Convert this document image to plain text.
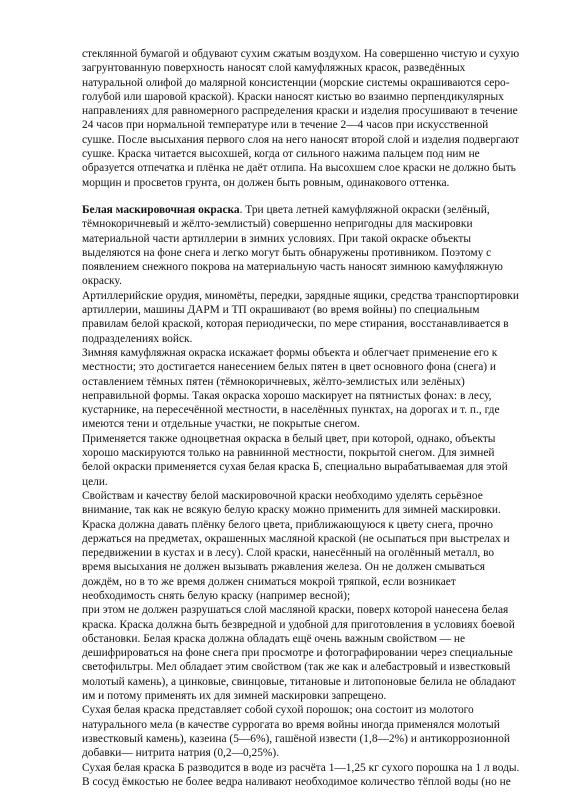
стеклянной бумагой и обдувают сухим сжатым воздухом. На совершенно чистую и сухую загрунтованную поверхность наносят слой камуфляжных красок, разведённых натуральной олифой до малярной консистенции (морские системы окрашиваются серо-голубой или шаровой краской). Краски наносят кистью во взаимно перпендикулярных направлениях для равномерного распределения краски и изделия просушивают в течение 24 часов при нормальной температуре или в течение 2—4 часов при искусственной сушке. После высыхания первого слоя на него наносят второй слой и изделия подвергают сушке. Краска читается высохшей, когда от сильного нажима пальцем под ним не образуется отпечатка и плёнка не даёт отлипа. На высохшем слое краски не должно быть морщин и просветов грунта, он должен быть ровным, одинакового оттенка.

Белая маскировочная окраска. Три цвета летней камуфляжной окраски (зелёный, тёмнокоричневый и жёлто-землистый) совершенно непригодны для маскировки материальной части артиллерии в зимних условиях. При такой окраске объекты выделяются на фоне снега и легко могут быть обнаружены противником. Поэтому с появлением снежного покрова на материальную часть наносят зимнюю камуфляжную окраску.

Артиллерийские орудия, миномёты, передки, зарядные ящики, средства транспортировки артиллерии, машины ДАРМ и ТП окрашивают (во время войны) по специальным правилам белой краской, которая периодически, по мере стирания, восстанавливается в подразделениях войск.

Зимняя камуфляжная окраска искажает формы объекта и облегчает применение его к местности; это достигается нанесением белых пятен в цвет основного фона (снега) и оставлением тёмных пятен (тёмнокоричневых, жёлто-землистых или зелёных) неправильной формы. Такая окраска хорошо маскирует на пятнистых фонах: в лесу, кустарнике, на пересечённой местности, в населённых пунктах, на дорогах и т. п., где имеются тени и отдельные участки, не покрытые снегом.

Применяется также одноцветная окраска в белый цвет, при которой, однако, объекты хорошо маскируются только на равнинной местности, покрытой снегом. Для зимней белой окраски применяется сухая белая краска Б, специально вырабатываемая для этой цели.

Свойствам и качеству белой маскировочной краски необходимо уделять серьёзное внимание, так как не всякую белую краску можно применить для зимней маскировки. Краска должна давать плёнку белого цвета, приближающуюся к цвету снега, прочно держаться на предметах, окрашенных масляной краской (не осыпаться при выстрелах и передвижении в кустах и в лесу). Слой краски, нанесённый на оголённый металл, во время высыхания не должен вызывать ржавления железа. Он не должен смываться дождём, но в то же время должен сниматься мокрой тряпкой, если возникает необходимость снять белую краску (например весной);

при этом не должен разрушаться слой масляной краски, поверх которой нанесена белая краска. Краска должна быть безвредной и удобной для приготовления в условиях боевой обстановки. Белая краска должна обладать ещё очень важным свойством — не дешифрироваться на фоне снега при просмотре и фотографировании через специальные светофильтры. Мел обладает этим свойством (так же как и алебастровый и известковый молотый камень), а цинковые, свинцовые, титановые и литопоновые белила не обладают им и потому применять их для зимней маскировки запрещено.

Сухая белая краска представляет собой сухой порошок; она состоит из молотого натурального мела (в качестве суррогата во время войны иногда применялся молотый известковый камень), казеина (5—6%), гашёной извести (1,8—2%) и антикоррозионной добавки— нитрита натрия (0,2—0,25%).

Сухая белая краска Б разводится в воде из расчёта 1—1,25 кг сухого порошка на 1 л воды. В сосуд ёмкостью не более ведра наливают необходимое количество тёплой воды (но не
